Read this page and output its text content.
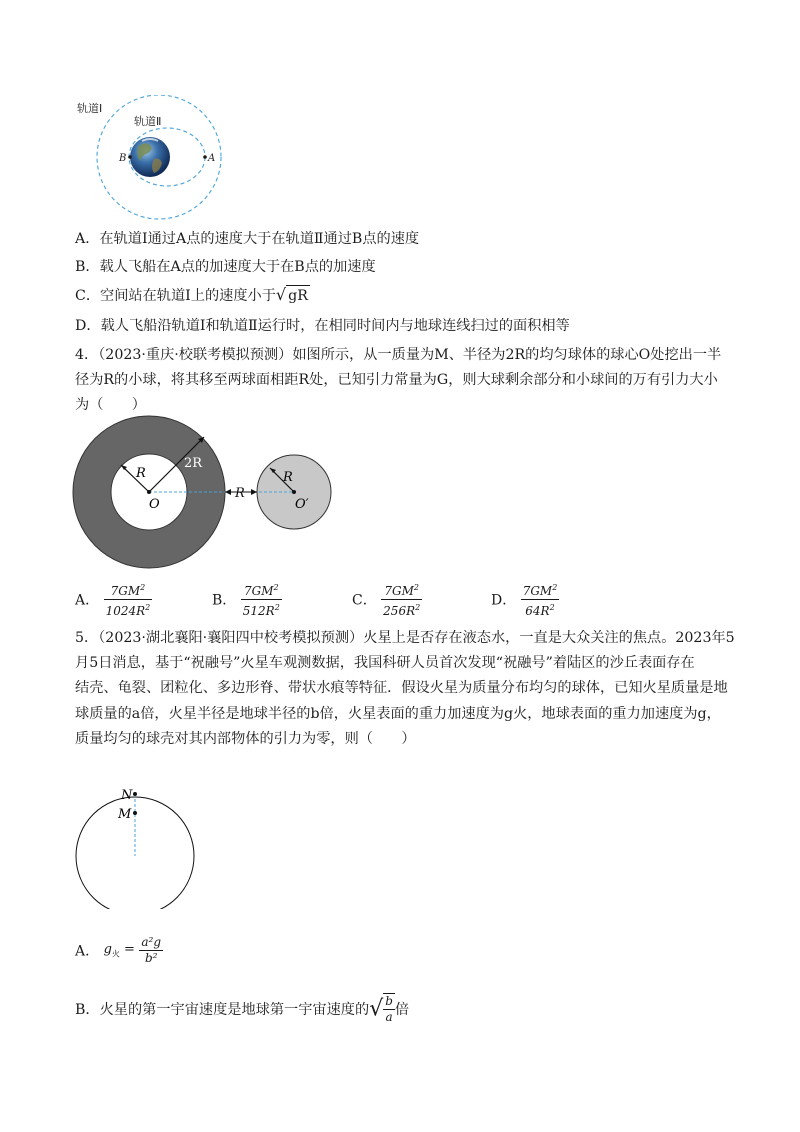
轨道Ⅰ
轨道Ⅱ
B	A
A．在轨道Ⅰ通过A点的速度大于在轨道Ⅱ通过B点的速度
B．载人飞船在A点的加速度大于在B点的加速度
C．空间站在轨道Ⅰ上的速度小于√ gR
D．载人飞船沿轨道Ⅰ和轨道Ⅱ运行时，在相同时间内与地球连线扫过的面积相等
4．（2023·重庆·校联考模拟预测）如图所示，从一质量为M、半径为2R的均匀球体的球心O处挖出一半
径为R的小球，将其移至两球面相距R处，已知引力常量为G，则大球剩余部分和小球间的万有引力大小
为（　　）
R
2R
O
R
R
O′
A． $\frac{7GM^2}{1024R^2}$	B． $\frac{7GM^2}{512R^2}$	C． $\frac{7GM^2}{256R^2}$	D． $\frac{7GM^2}{64R^2}$
5．（2023·湖北襄阳·襄阳四中校考模拟预测）火星上是否存在液态水，一直是大众关注的焦点。2023年5
月5日消息，基于“祝融号”火星车观测数据，我国科研人员首次发现“祝融号”着陆区的沙丘表面存在
结壳、龟裂、团粒化、多边形脊、带状水痕等特征．假设火星为质量分布均匀的球体，已知火星质量是地
球质量的a倍，火星半径是地球半径的b倍，火星表面的重力加速度为g火，地球表面的重力加速度为g，
质量均匀的球壳对其内部物体的引力为零，则（　　）
N
M
A． $g_火 = \frac{\text{a²g}}{\text{b²}}$
B．火星的第一宇宙速度是地球第一宇宙速度的√ $\frac{b}{a}$ 倍
